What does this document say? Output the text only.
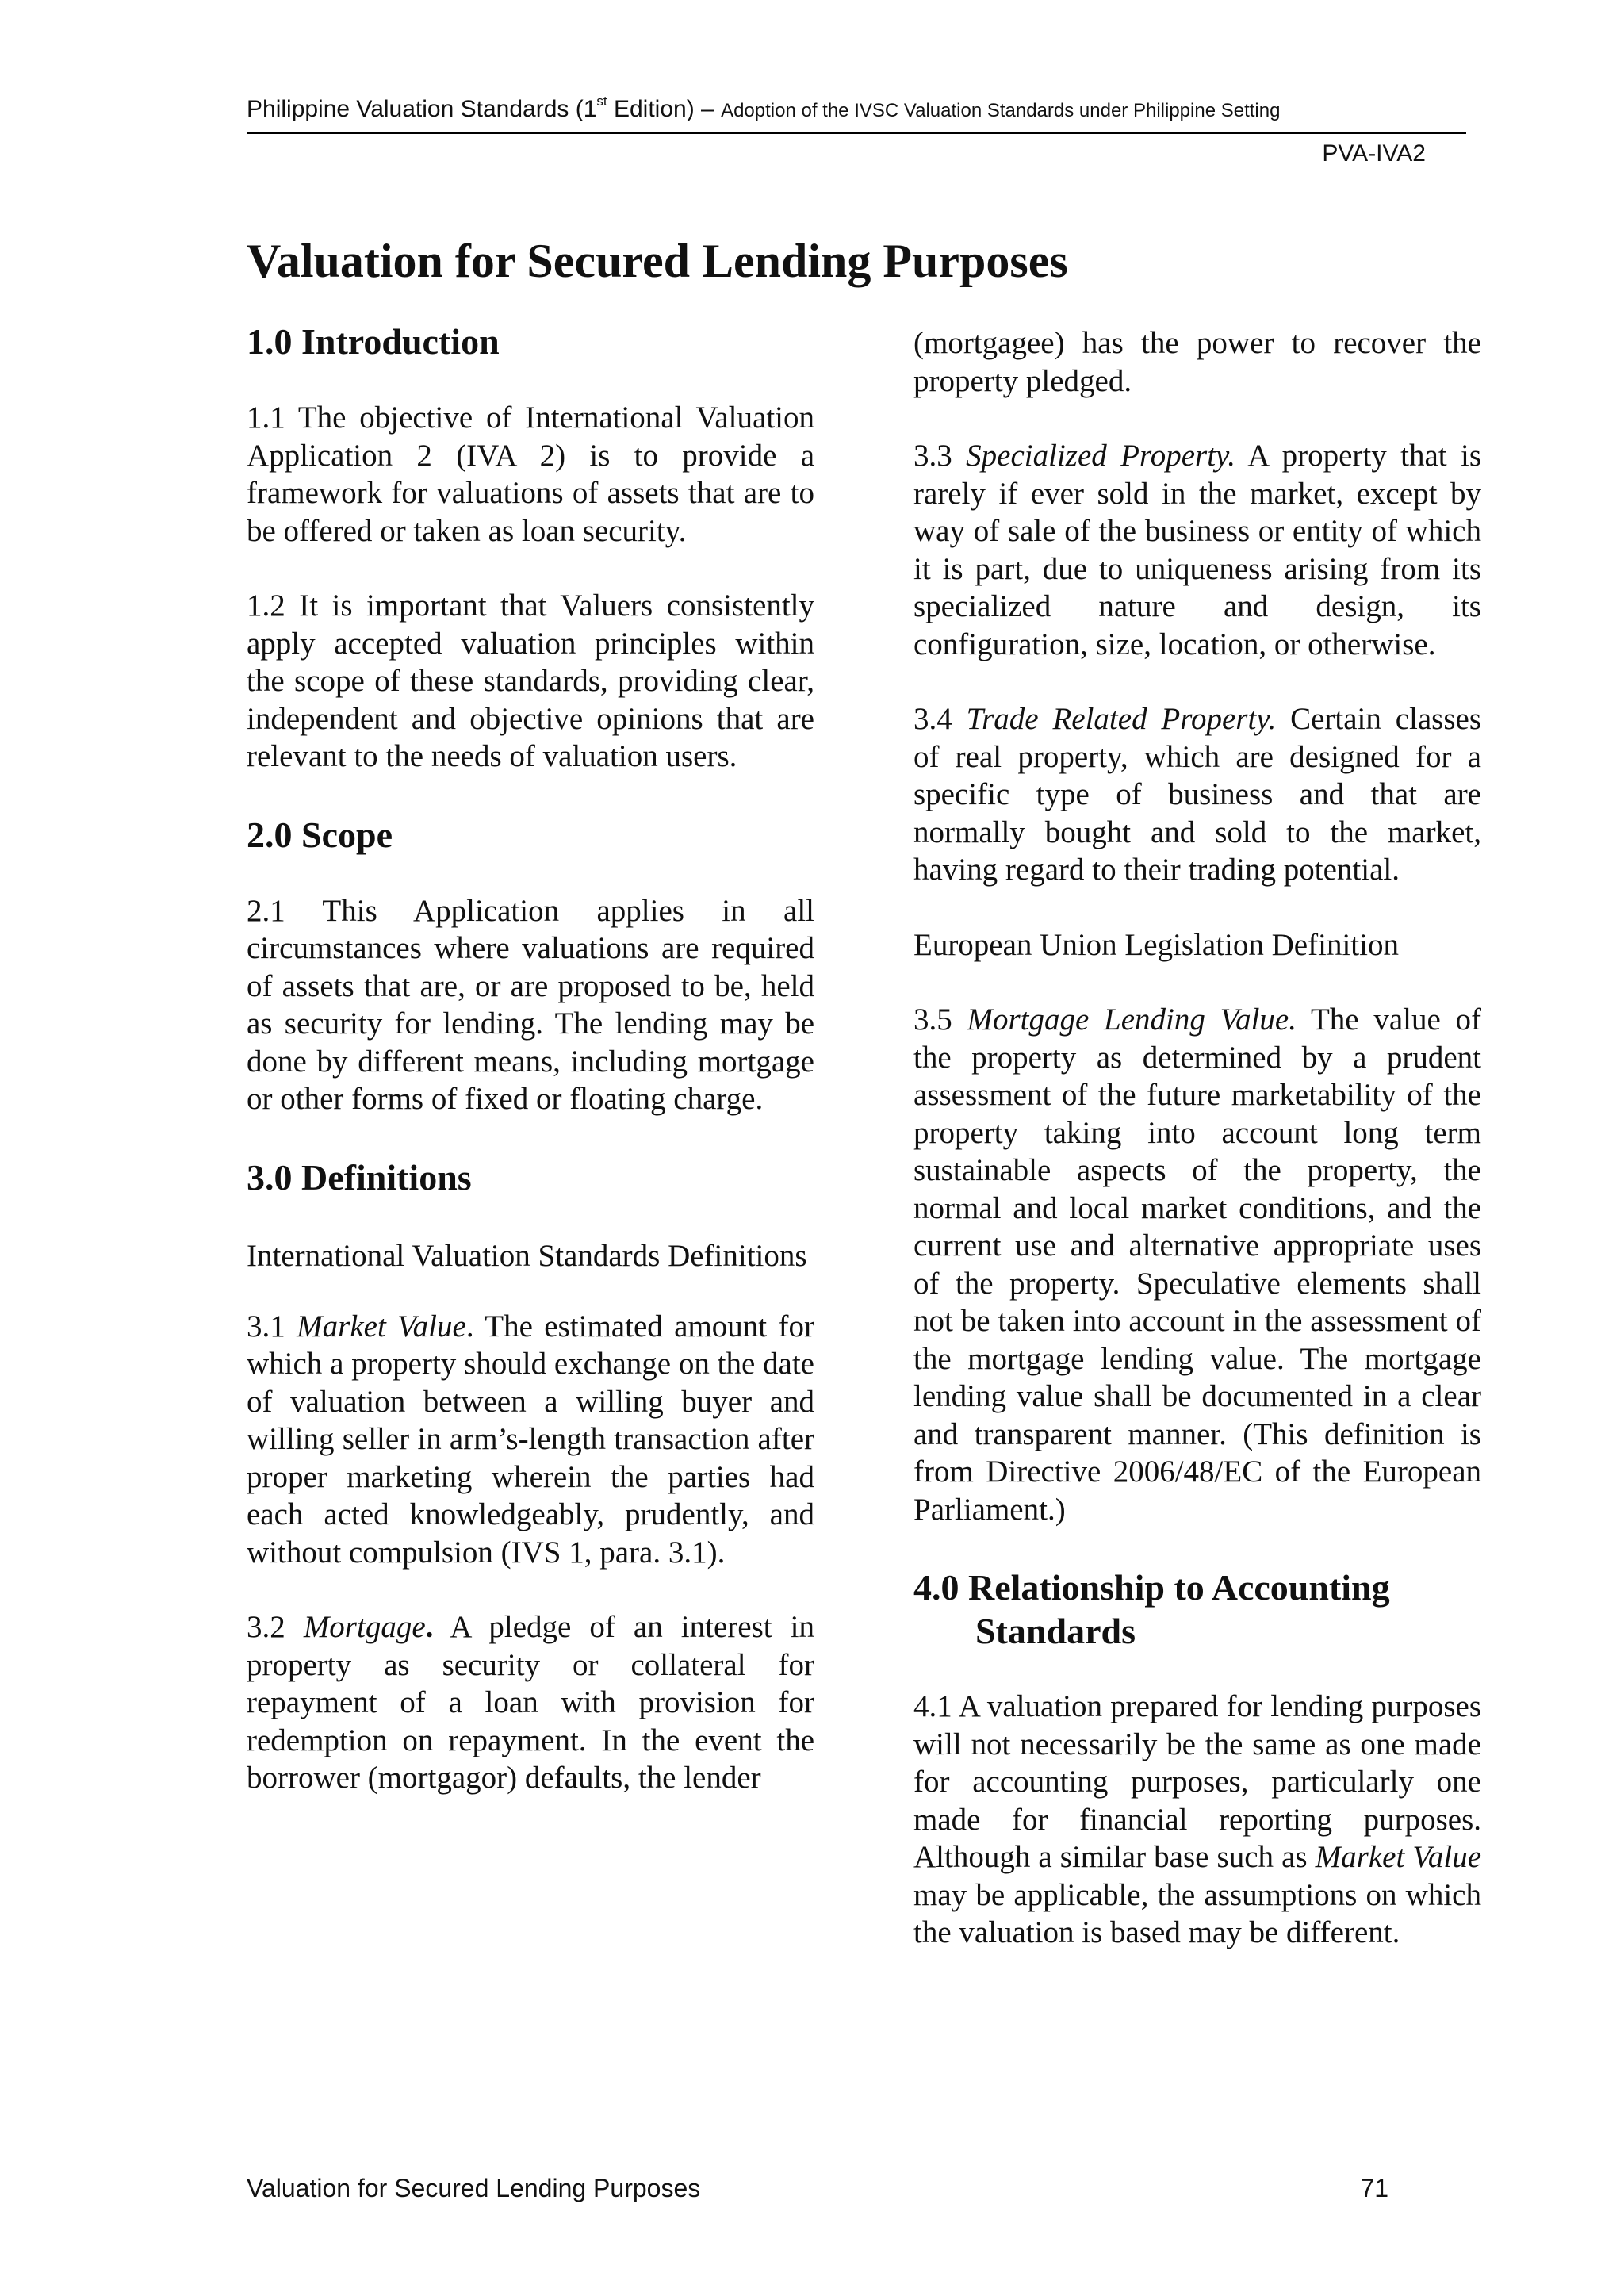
Philippine Valuation Standards (1st Edition) – Adoption of the IVSC Valuation Standards under Philippine Setting
PVA-IVA2
Valuation for Secured Lending Purposes
1.0 Introduction

1.1 The objective of International Valuation Application 2 (IVA 2) is to provide a framework for valuations of assets that are to be offered or taken as loan security.

1.2 It is important that Valuers consistently apply accepted valuation principles within the scope of these standards, providing clear, independent and objective opinions that are relevant to the needs of valuation users.

2.0 Scope

2.1 This Application applies in all circumstances where valuations are required of assets that are, or are proposed to be, held as security for lending. The lending may be done by different means, including mortgage or other forms of fixed or floating charge.

3.0 Definitions

International Valuation Standards Definitions

3.1 Market Value. The estimated amount for which a property should exchange on the date of valuation between a willing buyer and willing seller in arm’s-length transaction after proper marketing wherein the parties had each acted knowledgeably, prudently, and without compulsion (IVS 1, para. 3.1).

3.2 Mortgage. A pledge of an interest in property as security or collateral for repayment of a loan with provision for redemption on repayment. In the event the borrower (mortgagor) defaults, the lender

(mortgagee) has the power to recover the property pledged.

3.3 Specialized Property. A property that is rarely if ever sold in the market, except by way of sale of the business or entity of which it is part, due to uniqueness arising from its specialized nature and design, its configuration, size, location, or otherwise.

3.4 Trade Related Property. Certain classes of real property, which are designed for a specific type of business and that are normally bought and sold to the market, having regard to their trading potential.

European Union Legislation Definition

3.5 Mortgage Lending Value. The value of the property as determined by a prudent assessment of the future marketability of the property taking into account long term sustainable aspects of the property, the normal and local market conditions, and the current use and alternative appropriate uses of the property. Speculative elements shall not be taken into account in the assessment of the mortgage lending value. The mortgage lending value shall be documented in a clear and transparent manner. (This definition is from Directive 2006/48/EC of the European Parliament.)

4.0 Relationship to Accounting Standards

4.1 A valuation prepared for lending purposes will not necessarily be the same as one made for accounting purposes, particularly one made for financial reporting purposes. Although a similar base such as Market Value may be applicable, the assumptions on which the valuation is based may be different.

Valuation for Secured Lending Purposes	71
